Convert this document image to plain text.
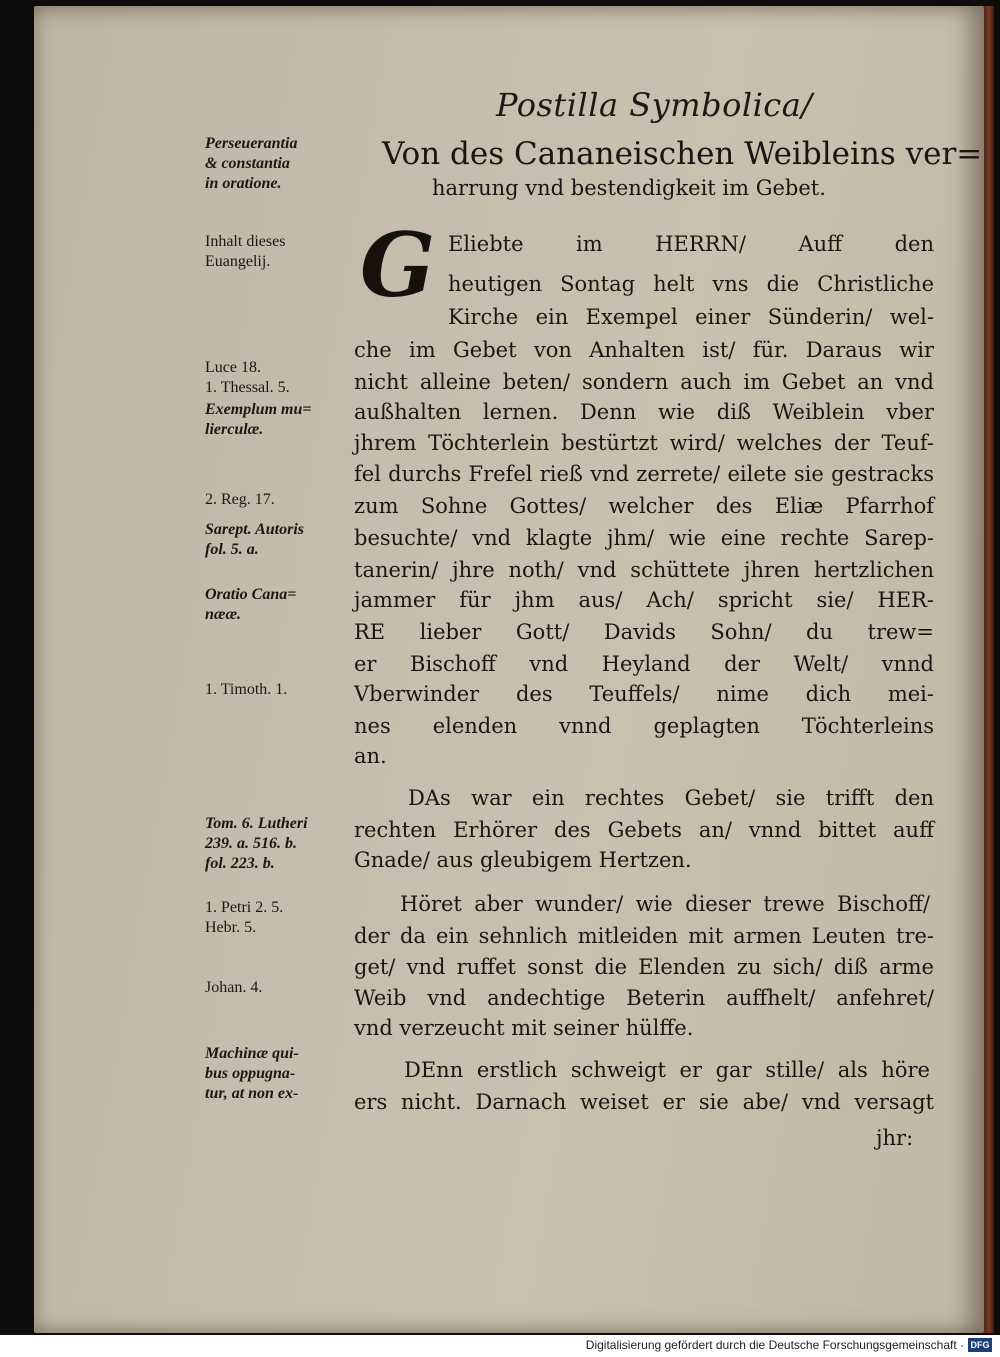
Postilla Symbolica/
Von des Cananeischen Weibleins ver=
harrung vnd bestendigkeit im Gebet.
Perseuerantia
& constantia
in oratione.
Inhalt dieses
Euangelij.
Luce 18.
1. Thessal. 5.
Exemplum mu=
lierculæ.
2. Reg. 17.
Sarept. Autoris
fol. 5. a.
Oratio Cana=
nææ.
1. Timoth. 1.
Tom. 6. Lutheri
239. a. 516. b.
fol. 223. b.
1. Petri 2. 5.
Hebr. 5.
Johan. 4.
Machinæ qui-
bus oppugna-
tur, at non ex-
G Eliebte im HERRN/ Auff den
heutigen Sontag helt vns die Christliche
Kirche ein Exempel einer Sünderin/ wel-
che im Gebet von Anhalten ist/ für. Daraus wir
nicht alleine beten/ sondern auch im Gebet an vnd
außhalten lernen. Denn wie diß Weiblein vber
jhrem Töchterlein bestürtzt wird/ welches der Teuf-
fel durchs Frefel rieß vnd zerrete/ eilete sie gestracks
zum Sohne Gottes/ welcher des Eliæ Pfarrhof
besuchte/ vnd klagte jhm/ wie eine rechte Sarep-
tanerin/ jhre noth/ vnd schüttete jhren hertzlichen
jammer für jhm aus/ Ach/ spricht sie/ HER-
RE lieber Gott/ Davids Sohn/ du trew=
er Bischoff vnd Heyland der Welt/ vnnd
Vberwinder des Teuffels/ nime dich mei-
nes elenden vnnd geplagten Töchterleins
an.
DAs war ein rechtes Gebet/ sie trifft den
rechten Erhörer des Gebets an/ vnnd bittet auff
Gnade/ aus gleubigem Hertzen.
Höret aber wunder/ wie dieser trewe Bischoff/
der da ein sehnlich mitleiden mit armen Leuten tre-
get/ vnd ruffet sonst die Elenden zu sich/ diß arme
Weib vnd andechtige Beterin auffhelt/ anfehret/
vnd verzeucht mit seiner hülffe.
DEnn erstlich schweigt er gar stille/ als höre
ers nicht. Darnach weiset er sie abe/ vnd versagt
jhr:
Digitalisierung gefördert durch die Deutsche Forschungsgemeinschaft · DFG
